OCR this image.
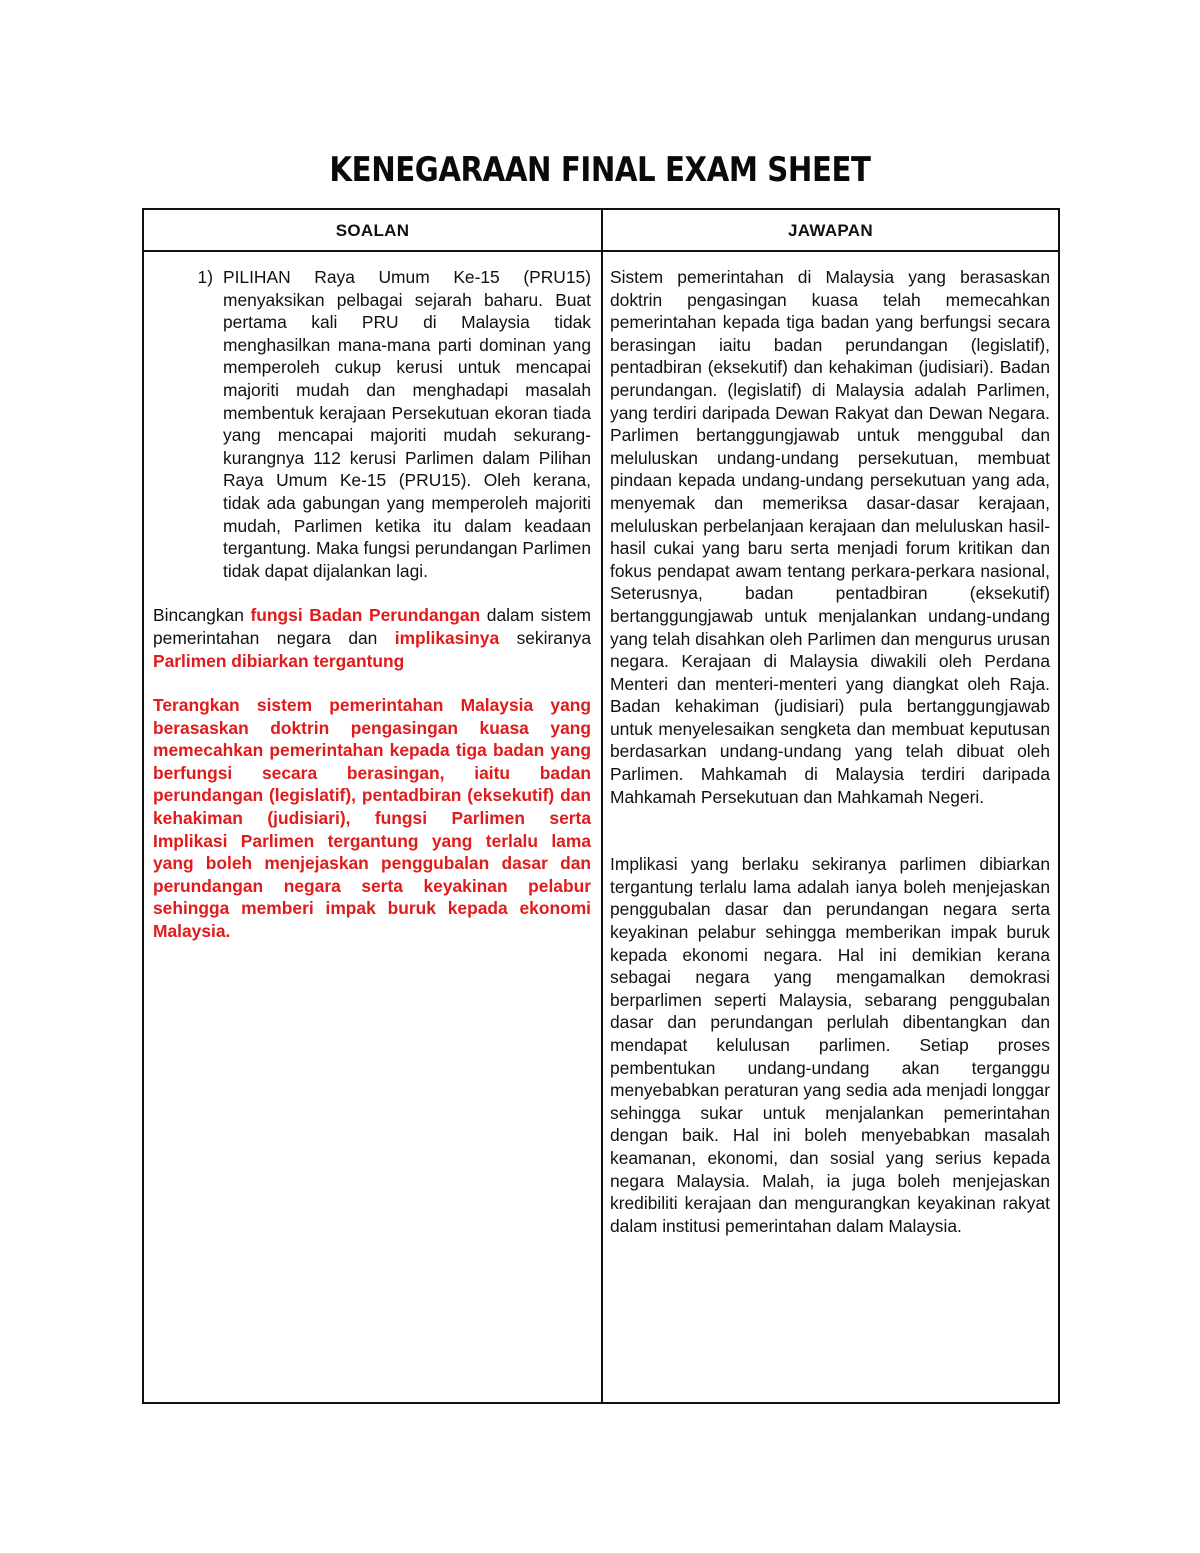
KENEGARAAN FINAL EXAM SHEET
SOALAN	JAWAPAN
1) PILIHAN Raya Umum Ke-15 (PRU15) menyaksikan pelbagai sejarah baharu. Buat pertama kali PRU di Malaysia tidak menghasilkan mana-mana parti dominan yang memperoleh cukup kerusi untuk mencapai majoriti mudah dan menghadapi masalah membentuk kerajaan Persekutuan ekoran tiada yang mencapai majoriti mudah sekurang-kurangnya 112 kerusi Parlimen dalam Pilihan Raya Umum Ke-15 (PRU15). Oleh kerana, tidak ada gabungan yang memperoleh majoriti mudah, Parlimen ketika itu dalam keadaan tergantung. Maka fungsi perundangan Parlimen tidak dapat dijalankan lagi.

Bincangkan fungsi Badan Perundangan dalam sistem pemerintahan negara dan implikasinya sekiranya Parlimen dibiarkan tergantung

Terangkan sistem pemerintahan Malaysia yang berasaskan doktrin pengasingan kuasa yang memecahkan pemerintahan kepada tiga badan yang berfungsi secara berasingan, iaitu badan perundangan (legislatif), pentadbiran (eksekutif) dan kehakiman (judisiari), fungsi Parlimen serta Implikasi Parlimen tergantung yang terlalu lama yang boleh menjejaskan penggubalan dasar dan perundangan negara serta keyakinan pelabur sehingga memberi impak buruk kepada ekonomi Malaysia.

Sistem pemerintahan di Malaysia yang berasaskan doktrin pengasingan kuasa telah memecahkan pemerintahan kepada tiga badan yang berfungsi secara berasingan iaitu badan perundangan (legislatif), pentadbiran (eksekutif) dan kehakiman (judisiari). Badan perundangan. (legislatif) di Malaysia adalah Parlimen, yang terdiri daripada Dewan Rakyat dan Dewan Negara. Parlimen bertanggungjawab untuk menggubal dan meluluskan undang-undang persekutuan, membuat pindaan kepada undang-undang persekutuan yang ada, menyemak dan memeriksa dasar-dasar kerajaan, meluluskan perbelanjaan kerajaan dan meluluskan hasil-hasil cukai yang baru serta menjadi forum kritikan dan fokus pendapat awam tentang perkara-perkara nasional, Seterusnya, badan pentadbiran (eksekutif) bertanggungjawab untuk menjalankan undang-undang yang telah disahkan oleh Parlimen dan mengurus urusan negara. Kerajaan di Malaysia diwakili oleh Perdana Menteri dan menteri-menteri yang diangkat oleh Raja. Badan kehakiman (judisiari) pula bertanggungjawab untuk menyelesaikan sengketa dan membuat keputusan berdasarkan undang-undang yang telah dibuat oleh Parlimen. Mahkamah di Malaysia terdiri daripada Mahkamah Persekutuan dan Mahkamah Negeri.

Implikasi yang berlaku sekiranya parlimen dibiarkan tergantung terlalu lama adalah ianya boleh menjejaskan penggubalan dasar dan perundangan negara serta keyakinan pelabur sehingga memberikan impak buruk kepada ekonomi negara. Hal ini demikian kerana sebagai negara yang mengamalkan demokrasi berparlimen seperti Malaysia, sebarang penggubalan dasar dan perundangan perlulah dibentangkan dan mendapat kelulusan parlimen. Setiap proses pembentukan undang-undang akan terganggu menyebabkan peraturan yang sedia ada menjadi longgar sehingga sukar untuk menjalankan pemerintahan dengan baik. Hal ini boleh menyebabkan masalah keamanan, ekonomi, dan sosial yang serius kepada negara Malaysia. Malah, ia juga boleh menjejaskan kredibiliti kerajaan dan mengurangkan keyakinan rakyat dalam institusi pemerintahan dalam Malaysia.
